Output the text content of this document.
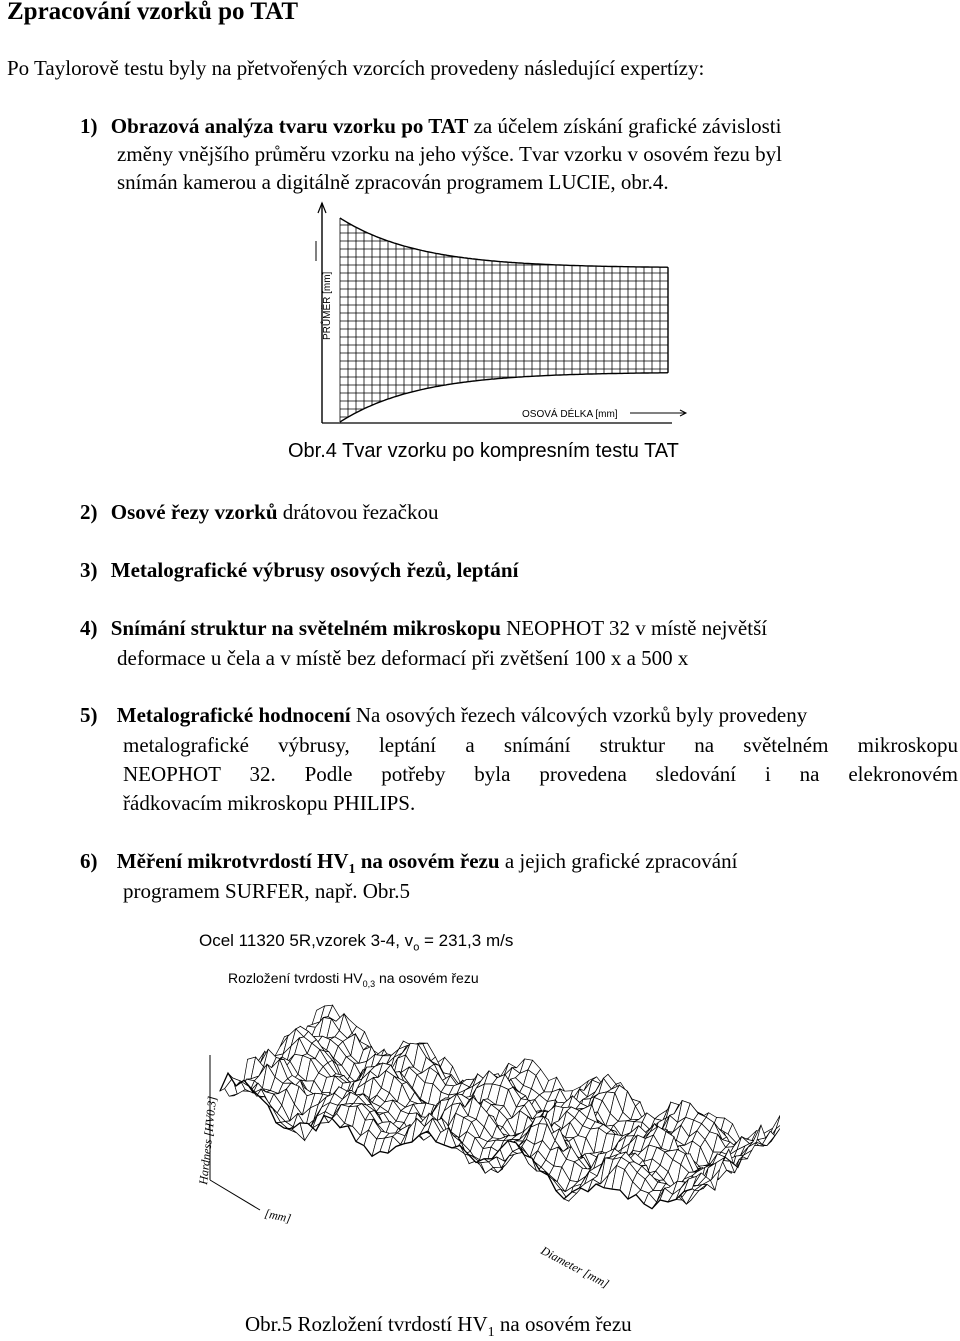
Zpracování vzorků po TAT
Po Taylorově testu byly na přetvořených vzorcích provedeny následující expertízy:
1) Obrazová analýza tvaru vzorku po TAT za účelem získání grafické závislosti
změny vnějšího průměru vzorku na jeho výšce. Tvar vzorku v osovém řezu byl
snímán kamerou a digitálně zpracován programem LUCIE, obr.4.
PRŮMĚR [mm]
OSOVÁ DÉLKA [mm]
Obr.4 Tvar vzorku po kompresním testu TAT
2) Osové řezy vzorků drátovou řezačkou
3) Metalografické výbrusy osových řezů, leptání
4) Snímání struktur na světelném mikroskopu NEOPHOT 32 v místě největší
deformace u čela a v místě bez deformací při zvětšení 100 x a 500 x
5) Metalografické hodnocení Na osových řezech válcových vzorků byly provedeny
metalografické výbrusy, leptání a snímání struktur na světelném mikroskopu
NEOPHOT 32. Podle potřeby byla provedena sledování i na elekronovém
řádkovacím mikroskopu PHILIPS.
6) Měření mikrotvrdostí $HV_1$ na osovém řezu a jejich grafické zpracování
programem SURFER, např. Obr.5
Ocel 11320 5R,vzorek 3-4, $v_o = 231,3$ m/s
Rozložení tvrdosti $HV_{0,3}$ na osovém řezu
Hardness [HV0.3]
[mm]
Diameter [mm]
Obr.5 Rozložení tvrdostí $HV_1$ na osovém řezu
